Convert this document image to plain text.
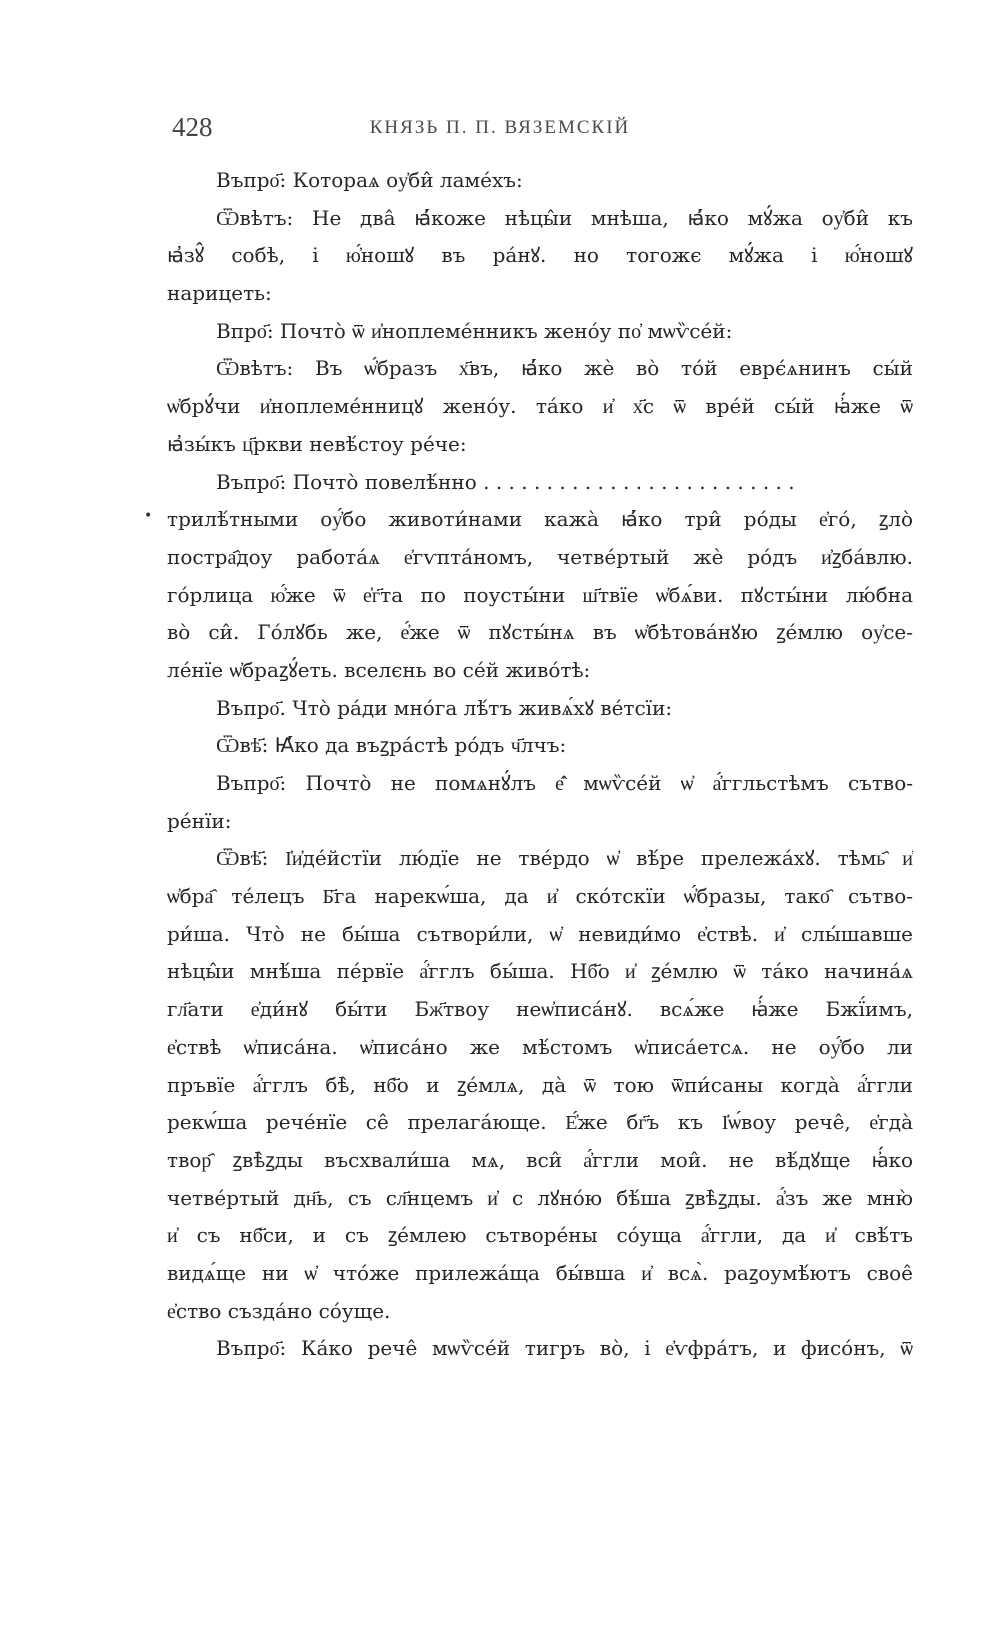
428	КНЯЗЬ П. П. ВЯЗЕМСКІЙ
•
Въпро҃: Котораѧ оу҆би̂ ламе́хъ:
Ѿвѣтъ: Не два̂ ꙗ҆́коже нѣцы̂и мнѣша, ꙗ҆́ко мꙋ́жа оу҆би̂ къ
ꙗ҆зꙋ̂ собѣ, і ю҆́ношꙋ въ ра́нꙋ. но тогожє мꙋ́жа і ю҆́ношꙋ
нарицеть:
Впро҃: Почто̀ ѿ и҆ноплеме́нникъ жено́у по҆ мѡѷсе́й:
Ѿвѣтъ: Въ ѡ҆́бразъ х҃въ, ꙗ҆́ко жѐ во̀ то́й еврє́ѧнинъ сы́й
ѡ҆брꙋ́чи и҆ноплеме́нницꙋ жено́у. та́ко и҆ х҃с ѿ вре́й сы́й ꙗ҆́же ѿ
ꙗ҆зы́къ ц҃ркви невѣ́стоу ре́че:
Въпро҃: Почто̀ повелѣ́нно . . . . . . . . . . . . . . . . . . . . . . . . .
трилѣ́тными оу҆́бо животи́нами кажа̀ ꙗ҆́ко три̂ ро́ды е҆го́, ꙁло̀
постра҄доу работа́ѧ е҆гѵпта́номъ, четве́ртый жѐ ро́дъ и҆ꙁба́влю.
го́рлица ю҆́же ѿ е҆г҃та по поусты́ни ш҃твїе ѡ҆бѧ́ви. пꙋсты́ни лю́бна
во̀ си̂. Го́лꙋбь же, е҆́же ѿ пꙋсты́нѧ въ ѡ҆бѣтова́нꙋю ꙁе́млю оу҆се-
ле́нїе ѡ҆браꙁꙋ́еть. вселєнь во се́й живо́тѣ:
Въпро҃. Что̀ ра́ди мно́га лѣ́тъ живѧ́хꙋ ве́тсїи:
Ѿвѣ҃: Ꙗ҆́ко да въꙁра́стѣ ро́дъ ч҃лчъ:
Въпро҃: Почто̀ не помѧнꙋ́лъ е҆̂ мѡѷсе́й ѡ҆ а҆́ггльстѣмъ сътво-
ре́нїи:
Ѿвѣ҃: І҆и҆де́йстїи лю́дїе не тве́рдо ѡ҆ вѣ́ре прележа́хꙋ. тѣмь҄ и҆
ѡ҆бра҄ те́лецъ Б҃га нарекѡ́ша, да и҆ ско́тскїи ѡ҆́бразы, тако҄ сътво-
ри́ша. Что̀ не бы́ша сътвори́ли, ѡ҆ невиди́мо е҆ствѣ. и҆ слы́шавше
нѣцы̂и мнѣ́ша пе́рвїе а҆́гглъ бы́ша. Нб҃о и҆ ꙁе́млю ѿ та́ко начина́ѧ
гл҃ати е҆ди́нꙋ бы́ти Бж҃твоу неѡ҆писа́нꙋ. всѧ́же ꙗ҆́же Бжї́имъ,
е҆ствѣ ѡ҆писа́на. ѡ҆писа́но же мѣ́стомъ ѡ҆писа́етсѧ. не оу҆́бо ли
пръвїе а҆́гглъ бѣ̀, нб҃о и ꙁе́млѧ, да̀ ѿ тою ѿпи́саны когда̀ а҆́ггли
рекѡ́ша рече́нїе се̂ прелага́юще. Е҆́же бг҃ъ къ І҆ѡ́воу рече̂, е҆гда̀
твор҄ ꙁвѣ̀ꙁды въсхвали́ша мѧ, вси̂ а҆́ггли мои̂. не вѣ́дꙋще ꙗ҆́ко
четве́ртый дн҃ь, съ сл҃нцемъ и҆ с лꙋно́ю бѣ́ша ꙁвѣ̀ꙁды. а҆́зъ же мню̀
и҆ съ нб҃си, и съ ꙁе́млею сътворе́ны со́уща а҆́ггли, да и҆ свѣ́тъ
видѧ́ще ни ѡ҆ что́же прилежа́ща бы́вша и҆ всѧ̀. раꙁоумѣ́ютъ свое̂
е҆ство създа́но со́уще.
Въпро҃: Ка́ко рече̂ мѡѷсе́й тигръ во̀, і е҆ѵфра́тъ, и фисо́нъ, ѿ
